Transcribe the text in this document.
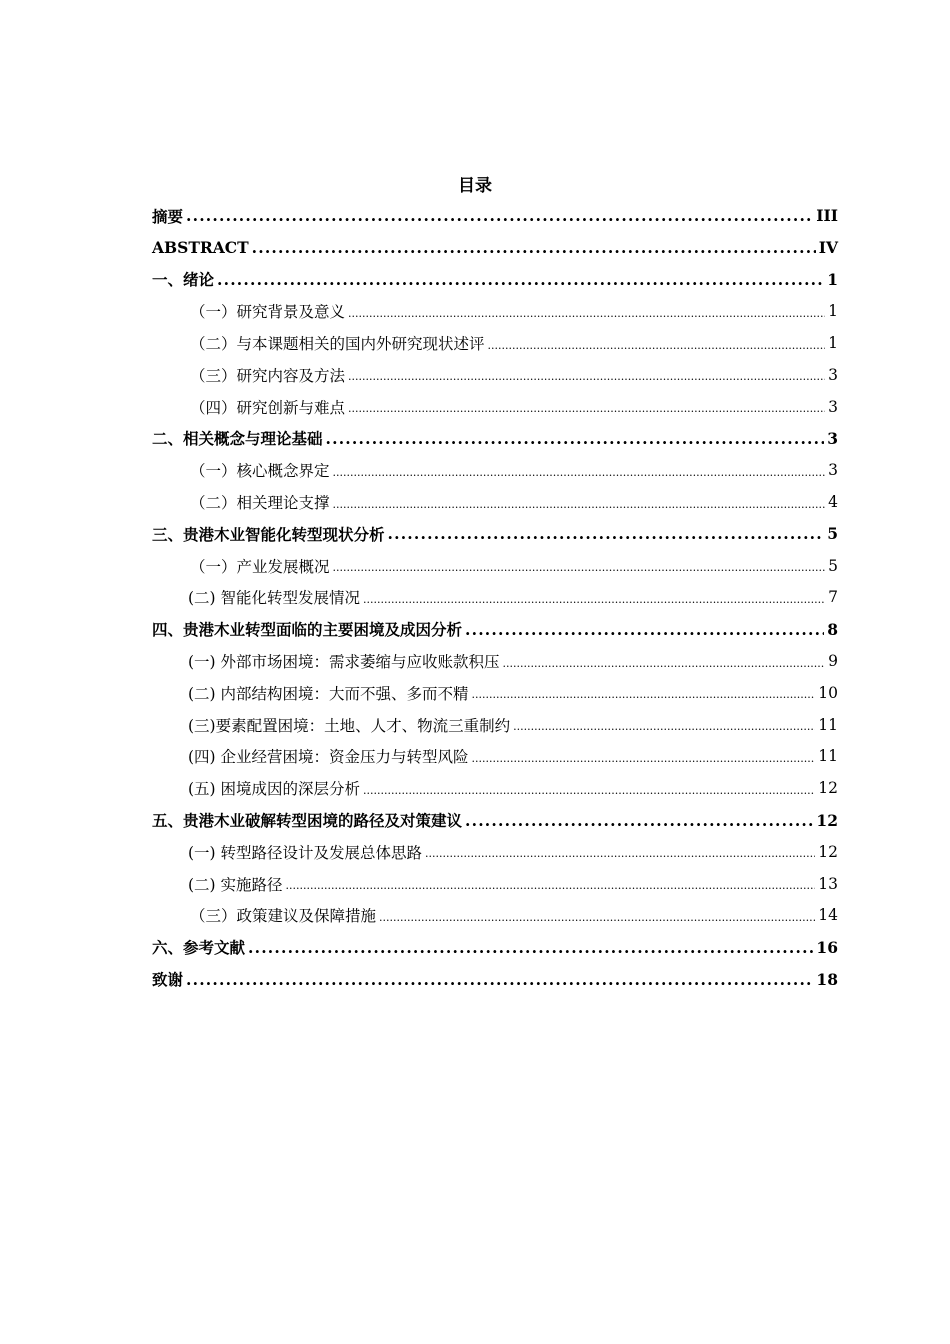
目录
摘要 .....	III
ABSTRACT .....	IV
一、绪论 .....	1
（一）研究背景及意义 .....	1
（二）与本课题相关的国内外研究现状述评 .....	1
（三）研究内容及方法 .....	3
（四）研究创新与难点 .....	3
二、相关概念与理论基础 .....	3
（一）核心概念界定 .....	3
（二）相关理论支撑 .....	4
三、贵港木业智能化转型现状分析 .....	5
（一）产业发展概况 .....	5
(二) 智能化转型发展情况 .....	7
四、贵港木业转型面临的主要困境及成因分析 .....	8
(一) 外部市场困境：需求萎缩与应收账款积压 .....	9
(二) 内部结构困境：大而不强、多而不精 .....	10
(三)要素配置困境：土地、人才、物流三重制约 .....	11
(四) 企业经营困境：资金压力与转型风险 .....	11
(五) 困境成因的深层分析 .....	12
五、贵港木业破解转型困境的路径及对策建议 .....	12
(一) 转型路径设计及发展总体思路 .....	12
(二) 实施路径 .....	13
（三）政策建议及保障措施 .....	14
六、参考文献 .....	16
致谢 .....	18
